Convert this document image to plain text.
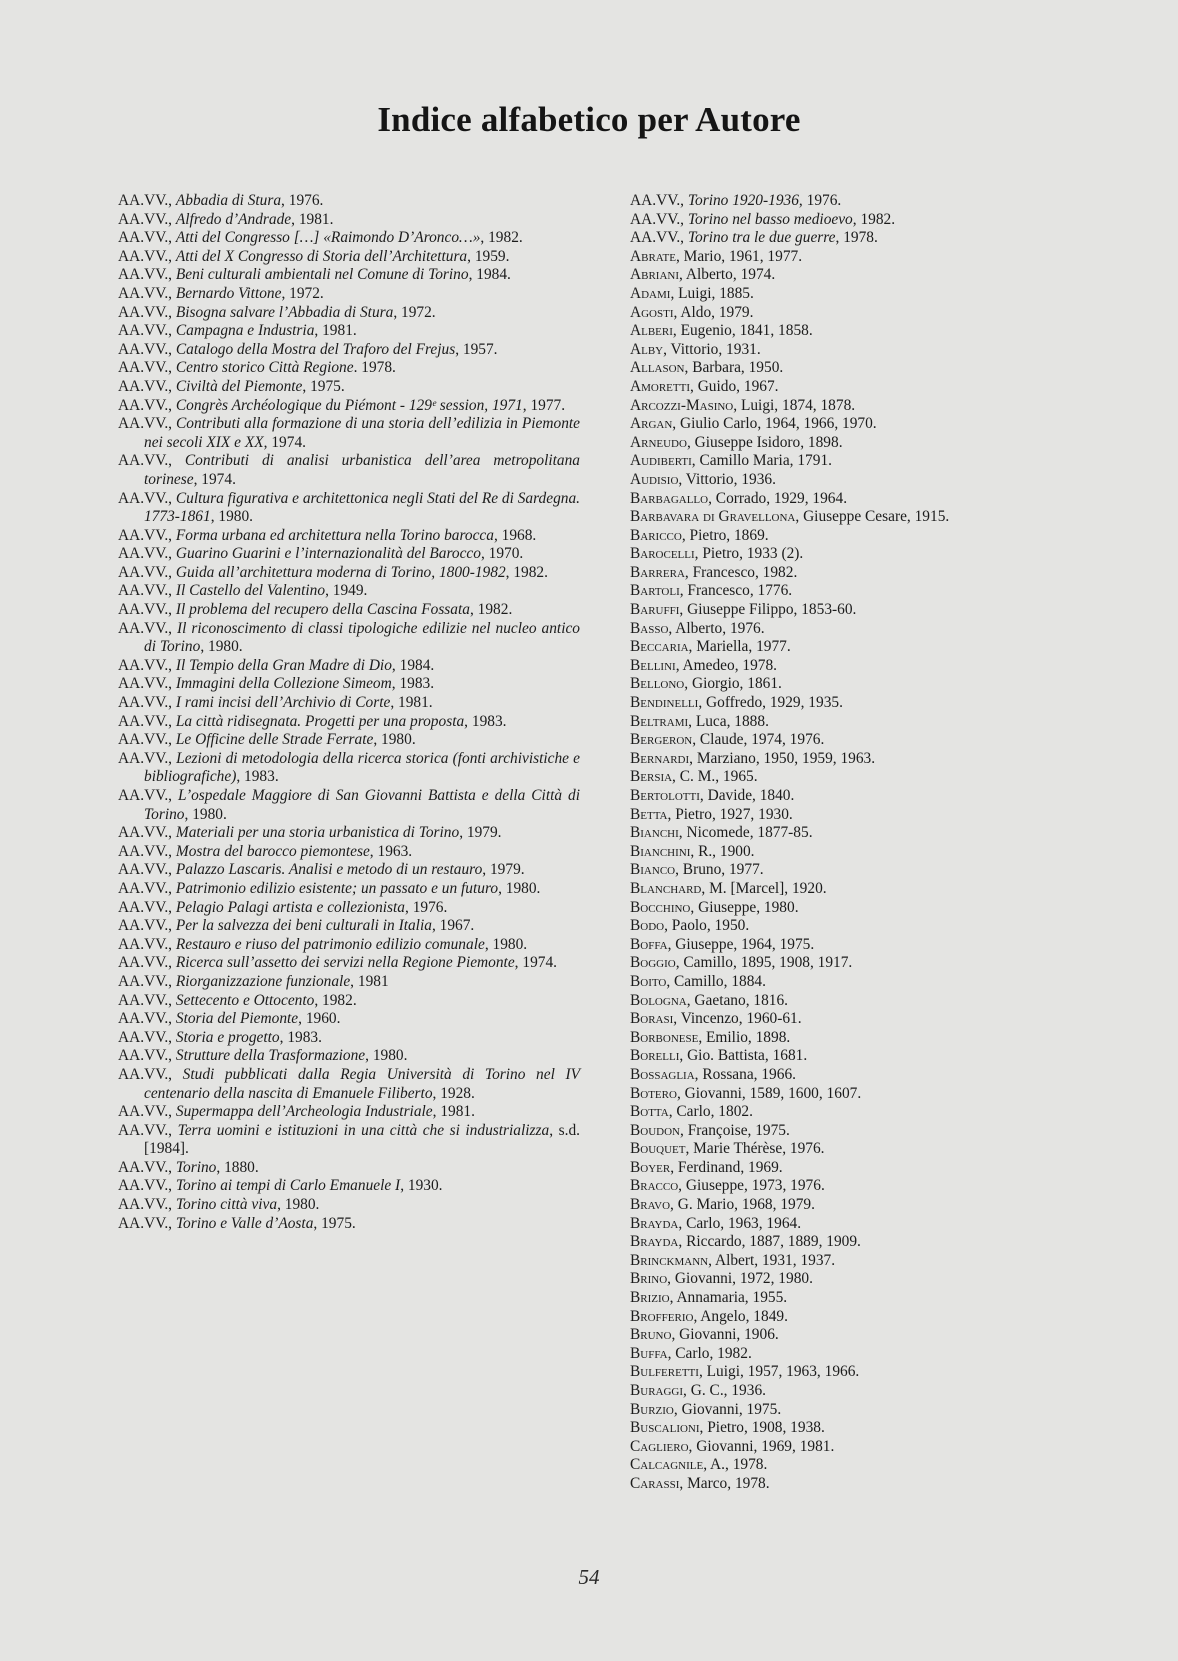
Indice alfabetico per Autore
AA.VV., Abbadia di Stura, 1976.
AA.VV., Alfredo d’Andrade, 1981.
AA.VV., Atti del Congresso […] «Raimondo D’Aronco…», 1982.
AA.VV., Atti del X Congresso di Storia dell’Architettura, 1959.
AA.VV., Beni culturali ambientali nel Comune di Torino, 1984.
AA.VV., Bernardo Vittone, 1972.
AA.VV., Bisogna salvare l’Abbadia di Stura, 1972.
AA.VV., Campagna e Industria, 1981.
AA.VV., Catalogo della Mostra del Traforo del Frejus, 1957.
AA.VV., Centro storico Città Regione. 1978.
AA.VV., Civiltà del Piemonte, 1975.
AA.VV., Congrès Archéologique du Piémont - 129ᵉ session, 1971, 1977.
AA.VV., Contributi alla formazione di una storia dell’edilizia in Piemonte nei secoli XIX e XX, 1974.
AA.VV., Contributi di analisi urbanistica dell’area metropolitana torinese, 1974.
AA.VV., Cultura figurativa e architettonica negli Stati del Re di Sardegna. 1773-1861, 1980.
AA.VV., Forma urbana ed architettura nella Torino barocca, 1968.
AA.VV., Guarino Guarini e l’internazionalità del Barocco, 1970.
AA.VV., Guida all’architettura moderna di Torino, 1800-1982, 1982.
AA.VV., Il Castello del Valentino, 1949.
AA.VV., Il problema del recupero della Cascina Fossata, 1982.
AA.VV., Il riconoscimento di classi tipologiche edilizie nel nucleo antico di Torino, 1980.
AA.VV., Il Tempio della Gran Madre di Dio, 1984.
AA.VV., Immagini della Collezione Simeom, 1983.
AA.VV., I rami incisi dell’Archivio di Corte, 1981.
AA.VV., La città ridisegnata. Progetti per una proposta, 1983.
AA.VV., Le Officine delle Strade Ferrate, 1980.
AA.VV., Lezioni di metodologia della ricerca storica (fonti archivistiche e bibliografiche), 1983.
AA.VV., L’ospedale Maggiore di San Giovanni Battista e della Città di Torino, 1980.
AA.VV., Materiali per una storia urbanistica di Torino, 1979.
AA.VV., Mostra del barocco piemontese, 1963.
AA.VV., Palazzo Lascaris. Analisi e metodo di un restauro, 1979.
AA.VV., Patrimonio edilizio esistente; un passato e un futuro, 1980.
AA.VV., Pelagio Palagi artista e collezionista, 1976.
AA.VV., Per la salvezza dei beni culturali in Italia, 1967.
AA.VV., Restauro e riuso del patrimonio edilizio comunale, 1980.
AA.VV., Ricerca sull’assetto dei servizi nella Regione Piemonte, 1974.
AA.VV., Riorganizzazione funzionale, 1981
AA.VV., Settecento e Ottocento, 1982.
AA.VV., Storia del Piemonte, 1960.
AA.VV., Storia e progetto, 1983.
AA.VV., Strutture della Trasformazione, 1980.
AA.VV., Studi pubblicati dalla Regia Università di Torino nel IV centenario della nascita di Emanuele Filiberto, 1928.
AA.VV., Supermappa dell’Archeologia Industriale, 1981.
AA.VV., Terra uomini e istituzioni in una città che si industrializza, s.d. [1984].
AA.VV., Torino, 1880.
AA.VV., Torino ai tempi di Carlo Emanuele I, 1930.
AA.VV., Torino città viva, 1980.
AA.VV., Torino e Valle d’Aosta, 1975.
AA.VV., Torino 1920-1936, 1976.
AA.VV., Torino nel basso medioevo, 1982.
AA.VV., Torino tra le due guerre, 1978.
Abrate, Mario, 1961, 1977.
Abriani, Alberto, 1974.
Adami, Luigi, 1885.
Agosti, Aldo, 1979.
Alberi, Eugenio, 1841, 1858.
Alby, Vittorio, 1931.
Allason, Barbara, 1950.
Amoretti, Guido, 1967.
Arcozzi-Masino, Luigi, 1874, 1878.
Argan, Giulio Carlo, 1964, 1966, 1970.
Arneudo, Giuseppe Isidoro, 1898.
Audiberti, Camillo Maria, 1791.
Audisio, Vittorio, 1936.
Barbagallo, Corrado, 1929, 1964.
Barbavara di Gravellona, Giuseppe Cesare, 1915.
Baricco, Pietro, 1869.
Barocelli, Pietro, 1933 (2).
Barrera, Francesco, 1982.
Bartoli, Francesco, 1776.
Baruffi, Giuseppe Filippo, 1853-60.
Basso, Alberto, 1976.
Beccaria, Mariella, 1977.
Bellini, Amedeo, 1978.
Bellono, Giorgio, 1861.
Bendinelli, Goffredo, 1929, 1935.
Beltrami, Luca, 1888.
Bergeron, Claude, 1974, 1976.
Bernardi, Marziano, 1950, 1959, 1963.
Bersia, C. M., 1965.
Bertolotti, Davide, 1840.
Betta, Pietro, 1927, 1930.
Bianchi, Nicomede, 1877-85.
Bianchini, R., 1900.
Bianco, Bruno, 1977.
Blanchard, M. [Marcel], 1920.
Bocchino, Giuseppe, 1980.
Bodo, Paolo, 1950.
Boffa, Giuseppe, 1964, 1975.
Boggio, Camillo, 1895, 1908, 1917.
Boito, Camillo, 1884.
Bologna, Gaetano, 1816.
Borasi, Vincenzo, 1960-61.
Borbonese, Emilio, 1898.
Borelli, Gio. Battista, 1681.
Bossaglia, Rossana, 1966.
Botero, Giovanni, 1589, 1600, 1607.
Botta, Carlo, 1802.
Boudon, Françoise, 1975.
Bouquet, Marie Thérèse, 1976.
Boyer, Ferdinand, 1969.
Bracco, Giuseppe, 1973, 1976.
Bravo, G. Mario, 1968, 1979.
Brayda, Carlo, 1963, 1964.
Brayda, Riccardo, 1887, 1889, 1909.
Brinckmann, Albert, 1931, 1937.
Brino, Giovanni, 1972, 1980.
Brizio, Annamaria, 1955.
Brofferio, Angelo, 1849.
Bruno, Giovanni, 1906.
Buffa, Carlo, 1982.
Bulferetti, Luigi, 1957, 1963, 1966.
Buraggi, G. C., 1936.
Burzio, Giovanni, 1975.
Buscalioni, Pietro, 1908, 1938.
Cagliero, Giovanni, 1969, 1981.
Calcagnile, A., 1978.
Carassi, Marco, 1978.
54
